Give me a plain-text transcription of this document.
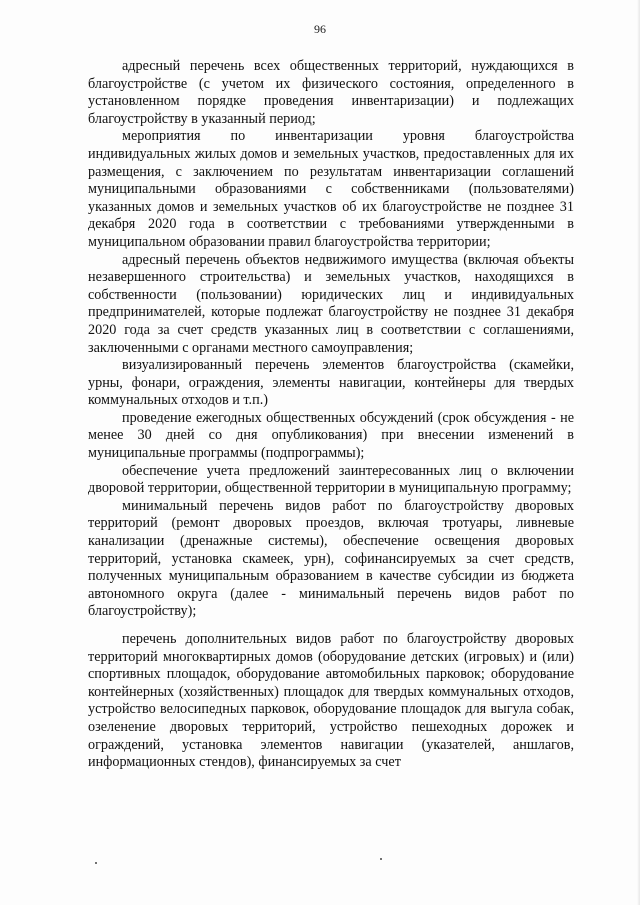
96

адресный перечень всех общественных территорий, нуждающихся в благоустройстве (с учетом их физического состояния, определенного в установленном порядке проведения инвентаризации) и подлежащих благоустройству в указанный период;

мероприятия по инвентаризации уровня благоустройства индивидуальных жилых домов и земельных участков, предоставленных для их размещения, с заключением по результатам инвентаризации соглашений муниципальными образованиями с собственниками (пользователями) указанных домов и земельных участков об их благоустройстве не позднее 31 декабря 2020 года в соответствии с требованиями утвержденными в муниципальном образовании правил благоустройства территории;

адресный перечень объектов недвижимого имущества (включая объекты незавершенного строительства) и земельных участков, находящихся в собственности (пользовании) юридических лиц и индивидуальных предпринимателей, которые подлежат благоустройству не позднее 31 декабря 2020 года за счет средств указанных лиц в соответствии с соглашениями, заключенными с органами местного самоуправления;

визуализированный перечень элементов благоустройства (скамейки, урны, фонари, ограждения, элементы навигации, контейнеры для твердых коммунальных отходов и т.п.)

проведение ежегодных общественных обсуждений (срок обсуждения - не менее 30 дней со дня опубликования) при внесении изменений в муниципальные программы (подпрограммы);

обеспечение учета предложений заинтересованных лиц о включении дворовой территории, общественной территории в муниципальную программу;

минимальный перечень видов работ по благоустройству дворовых территорий (ремонт дворовых проездов, включая тротуары, ливневые канализации (дренажные системы), обеспечение освещения дворовых территорий, установка скамеек, урн), софинансируемых за счет средств, полученных муниципальным образованием в качестве субсидии из бюджета автономного округа (далее - минимальный перечень видов работ по благоустройству);

перечень дополнительных видов работ по благоустройству дворовых территорий многоквартирных домов (оборудование детских (игровых) и (или) спортивных площадок, оборудование автомобильных парковок; оборудование контейнерных (хозяйственных) площадок для твердых коммунальных отходов, устройство велосипедных парковок, оборудование площадок для выгула собак, озеленение дворовых территорий, устройство пешеходных дорожек и ограждений, установка элементов навигации (указателей, аншлагов, информационных стендов), финансируемых за счет
